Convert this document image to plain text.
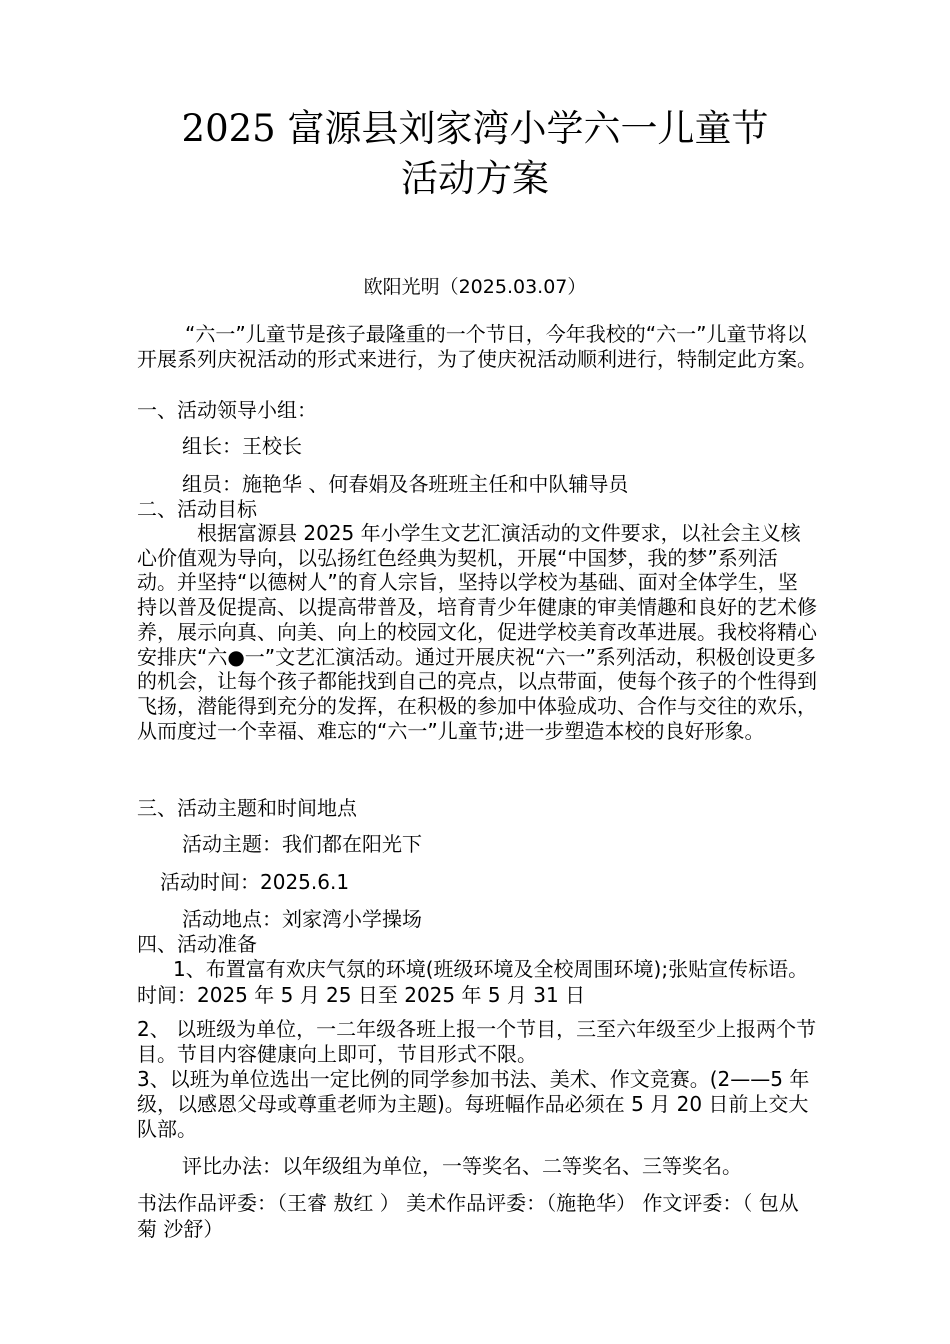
2025 富源县刘家湾小学六一儿童节
活动方案
欧阳光明（2025.03.07）

“六一”儿童节是孩子最隆重的一个节日，今年我校的“六一”儿童节将以开展系列庆祝活动的形式来进行，为了使庆祝活动顺利进行，特制定此方案。

一、活动领导小组：
组长：王校长
组员：施艳华 、何春娟及各班班主任和中队辅导员
二、活动目标

根据富源县 2025 年小学生文艺汇演活动的文件要求，以社会主义核心价值观为导向，以弘扬红色经典为契机，开展“中国梦，我的梦”系列活动。并坚持“以德树人”的育人宗旨，坚持以学校为基础、面对全体学生，坚持以普及促提高、以提高带普及，培育青少年健康的审美情趣和良好的艺术修养，展示向真、向美、向上的校园文化，促进学校美育改革进展。我校将精心安排庆“六●一”文艺汇演活动。通过开展庆祝“六一”系列活动，积极创设更多的机会，让每个孩子都能找到自己的亮点，以点带面，使每个孩子的个性得到飞扬，潜能得到充分的发挥，在积极的参加中体验成功、合作与交往的欢乐，从而度过一个幸福、难忘的“六一”儿童节;进一步塑造本校的良好形象。

三、活动主题和时间地点
活动主题：我们都在阳光下
活动时间：2025.6.1
活动地点：刘家湾小学操场
四、活动准备

1、布置富有欢庆气氛的环境(班级环境及全校周围环境);张贴宣传标语。时间：2025 年 5 月 25 日至 2025 年 5 月 31 日

2、 以班级为单位，一二年级各班上报一个节目，三至六年级至少上报两个节目。节目内容健康向上即可，节目形式不限。

3、以班为单位选出一定比例的同学参加书法、美术、作文竞赛。(2——5 年级，以感恩父母或尊重老师为主题)。每班幅作品必须在 5 月 20 日前上交大队部。

评比办法：以年级组为单位，一等奖名、二等奖名、三等奖名。

书法作品评委：（王睿 敖红 ） 美术作品评委：（施艳华） 作文评委：（ 包从菊 沙舒）
